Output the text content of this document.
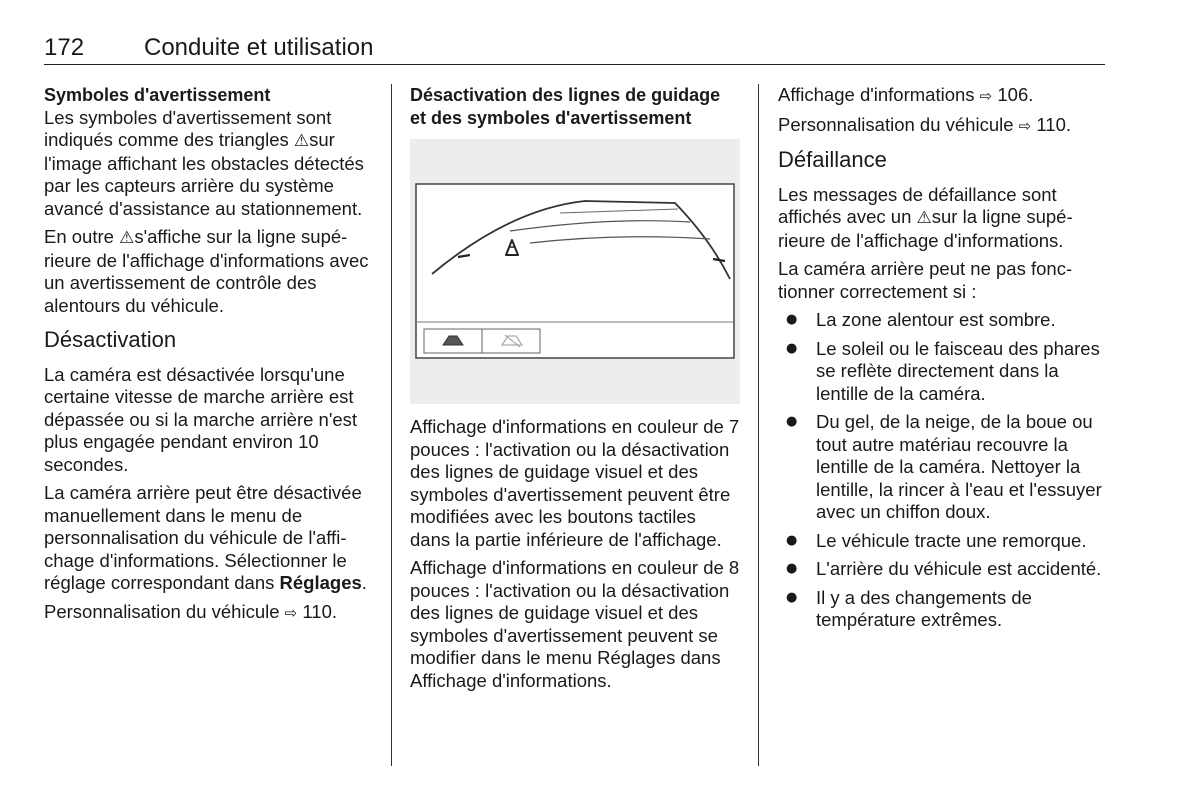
172 Conduite et utilisation

Symboles d'avertissement

Les symboles d'avertissement sont indiqués comme des triangles ⚠sur l'image affichant les obstacles détectés par les capteurs arrière du système avancé d'assistance au stationnement.

En outre ⚠s'affiche sur la ligne supérieure de l'affichage d'informations avec un avertissement de contrôle des alentours du véhicule.

Désactivation

La caméra est désactivée lorsqu'une certaine vitesse de marche arrière est dépassée ou si la marche arrière n'est plus engagée pendant environ 10 secondes.

La caméra arrière peut être désactivée manuellement dans le menu de personnalisation du véhicule de l'affichage d'informations. Sélectionner le réglage correspondant dans Réglages.

Personnalisation du véhicule ⇨ 110.

Désactivation des lignes de guidage et des symboles d'avertissement

Affichage d'informations en couleur de 7 pouces : l'activation ou la désactivation des lignes de guidage visuel et des symboles d'avertissement peuvent être modifiées avec les boutons tactiles dans la partie inférieure de l'affichage.

Affichage d'informations en couleur de 8 pouces : l'activation ou la désactivation des lignes de guidage visuel et des symboles d'avertissement peuvent se modifier dans le menu Réglages dans Affichage d'informations.

Affichage d'informations ⇨ 106.

Personnalisation du véhicule ⇨ 110.

Défaillance

Les messages de défaillance sont affichés avec un ⚠sur la ligne supérieure de l'affichage d'informations.

La caméra arrière peut ne pas fonctionner correctement si :

● La zone alentour est sombre.
● Le soleil ou le faisceau des phares se reflète directement dans la lentille de la caméra.
● Du gel, de la neige, de la boue ou tout autre matériau recouvre la lentille de la caméra. Nettoyer la lentille, la rincer à l'eau et l'essuyer avec un chiffon doux.
● Le véhicule tracte une remorque.
● L'arrière du véhicule est accidenté.
● Il y a des changements de température extrêmes.
